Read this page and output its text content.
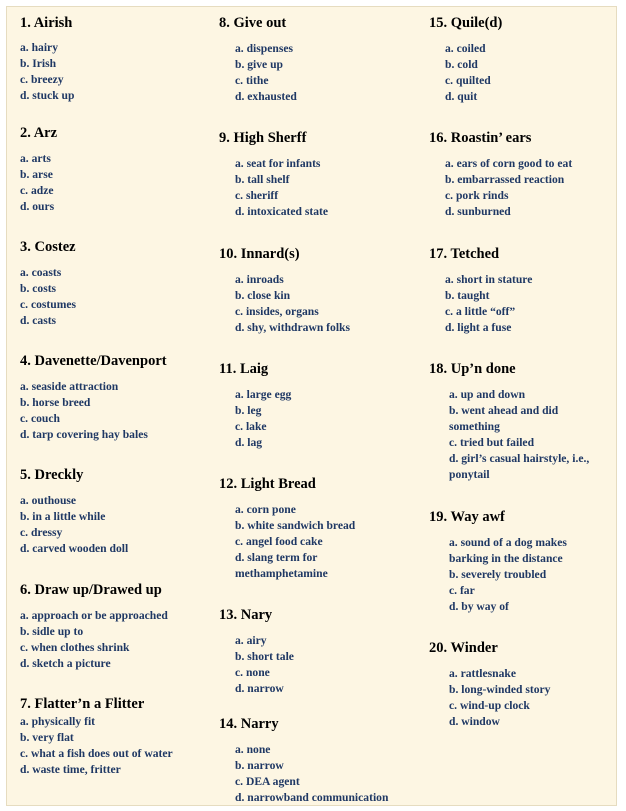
1. Airish
a. hairy
b. Irish
c. breezy
d. stuck up
2. Arz
a. arts
b. arse
c. adze
d. ours
3. Costez
a. coasts
b. costs
c. costumes
d. casts
4. Davenette/Davenport
a. seaside attraction
b. horse breed
c. couch
d. tarp covering hay bales
5. Dreckly
a. outhouse
b. in a little while
c. dressy
d. carved wooden doll
6. Draw up/Drawed up
a. approach or be approached
b. sidle up to
c. when clothes shrink
d. sketch a picture
7. Flatter’n a Flitter
a. physically fit
b. very flat
c. what a fish does out of water
d. waste time, fritter
8. Give out
a. dispenses
b. give up
c. tithe
d. exhausted
9. High Sherff
a. seat for infants
b. tall shelf
c. sheriff
d. intoxicated state
10. Innard(s)
a. inroads
b. close kin
c. insides, organs
d. shy, withdrawn folks
11. Laig
a. large egg
b. leg
c. lake
d. lag
12. Light Bread
a. corn pone
b. white sandwich bread
c. angel food cake
d. slang term for methamphetamine
13. Nary
a. airy
b. short tale
c. none
d. narrow
14. Narry
a. none
b. narrow
c. DEA agent
d. narrowband communication
15. Quile(d)
a. coiled
b. cold
c. quilted
d. quit
16. Roastin’ ears
a. ears of corn good to eat
b. embarrassed reaction
c. pork rinds
d. sunburned
17. Tetched
a. short in stature
b. taught
c. a little “off”
d. light a fuse
18. Up’n done
a. up and down
b. went ahead and did something
c. tried but failed
d. girl’s casual hairstyle, i.e., ponytail
19. Way awf
a. sound of a dog makes barking in the distance
b. severely troubled
c. far
d. by way of
20. Winder
a. rattlesnake
b. long-winded story
c. wind-up clock
d. window
